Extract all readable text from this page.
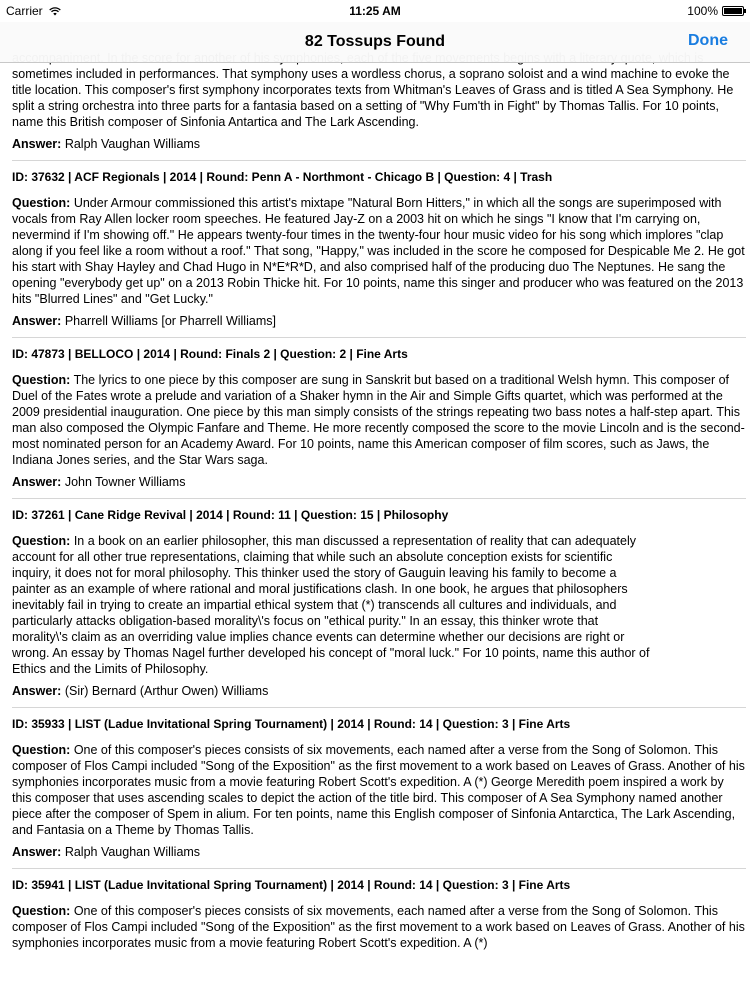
Carrier	11:25 AM	100%
82 Tossups Found	Done

sometimes included in performances. That symphony uses a wordless chorus, a soprano soloist and a wind machine to evoke the title location. This composer's first symphony incorporates texts from Whitman's Leaves of Grass and is titled A Sea Symphony. He split a string orchestra into three parts for a fantasia based on a setting of "Why Fum'th in Fight" by Thomas Tallis. For 10 points, name this British composer of Sinfonia Antartica and The Lark Ascending.

Answer: Ralph Vaughan Williams

ID: 37632 | ACF Regionals | 2014 | Round: Penn A - Northmont - Chicago B | Question: 4 | Trash

Question: Under Armour commissioned this artist's mixtape "Natural Born Hitters," in which all the songs are superimposed with vocals from Ray Allen locker room speeches. He featured Jay-Z on a 2003 hit on which he sings "I know that I'm carrying on, nevermind if I'm showing off." He appears twenty-four times in the twenty-four hour music video for his song which implores "clap along if you feel like a room without a roof." That song, "Happy," was included in the score he composed for Despicable Me 2. He got his start with Shay Hayley and Chad Hugo in N*E*R*D, and also comprised half of the producing duo The Neptunes. He sang the opening "everybody get up" on a 2013 Robin Thicke hit. For 10 points, name this singer and producer who was featured on the 2013 hits "Blurred Lines" and "Get Lucky."

Answer: Pharrell Williams [or Pharrell Williams]

ID: 47873 | BELLOCO | 2014 | Round: Finals 2 | Question: 2 | Fine Arts

Question: The lyrics to one piece by this composer are sung in Sanskrit but based on a traditional Welsh hymn. This composer of Duel of the Fates wrote a prelude and variation of a Shaker hymn in the Air and Simple Gifts quartet, which was performed at the 2009 presidential inauguration. One piece by this man simply consists of the strings repeating two bass notes a half-step apart. This man also composed the Olympic Fanfare and Theme. He more recently composed the score to the movie Lincoln and is the second-most nominated person for an Academy Award. For 10 points, name this American composer of film scores, such as Jaws, the Indiana Jones series, and the Star Wars saga.

Answer: John Towner Williams

ID: 37261 | Cane Ridge Revival | 2014 | Round: 11 | Question: 15 | Philosophy

Question: In a book on an earlier philosopher, this man discussed a representation of reality that can adequately account for all other true representations, claiming that while such an absolute conception exists for scientific inquiry, it does not for moral philosophy. This thinker used the story of Gauguin leaving his family to become a painter as an example of where rational and moral justifications clash. In one book, he argues that philosophers inevitably fail in trying to create an impartial ethical system that (*) transcends all cultures and individuals, and particularly attacks obligation-based morality\'s focus on "ethical purity." In an essay, this thinker wrote that morality\'s claim as an overriding value implies chance events can determine whether our decisions are right or wrong. An essay by Thomas Nagel further developed his concept of "moral luck." For 10 points, name this author of Ethics and the Limits of Philosophy.

Answer: (Sir) Bernard (Arthur Owen) Williams

ID: 35933 | LIST (Ladue Invitational Spring Tournament) | 2014 | Round: 14 | Question: 3 | Fine Arts

Question: One of this composer's pieces consists of six movements, each named after a verse from the Song of Solomon. This composer of Flos Campi included "Song of the Exposition" as the first movement to a work based on Leaves of Grass. Another of his symphonies incorporates music from a movie featuring Robert Scott's expedition. A (*) George Meredith poem inspired a work by this composer that uses ascending scales to depict the action of the title bird. This composer of A Sea Symphony named another piece after the composer of Spem in alium. For ten points, name this English composer of Sinfonia Antarctica, The Lark Ascending, and Fantasia on a Theme by Thomas Tallis.

Answer: Ralph Vaughan Williams

ID: 35941 | LIST (Ladue Invitational Spring Tournament) | 2014 | Round: 14 | Question: 3 | Fine Arts

Question: One of this composer's pieces consists of six movements, each named after a verse from the Song of Solomon. This composer of Flos Campi included "Song of the Exposition" as the first movement to a work based on Leaves of Grass. Another of his symphonies incorporates music from a movie featuring Robert Scott's expedition. A (*)
